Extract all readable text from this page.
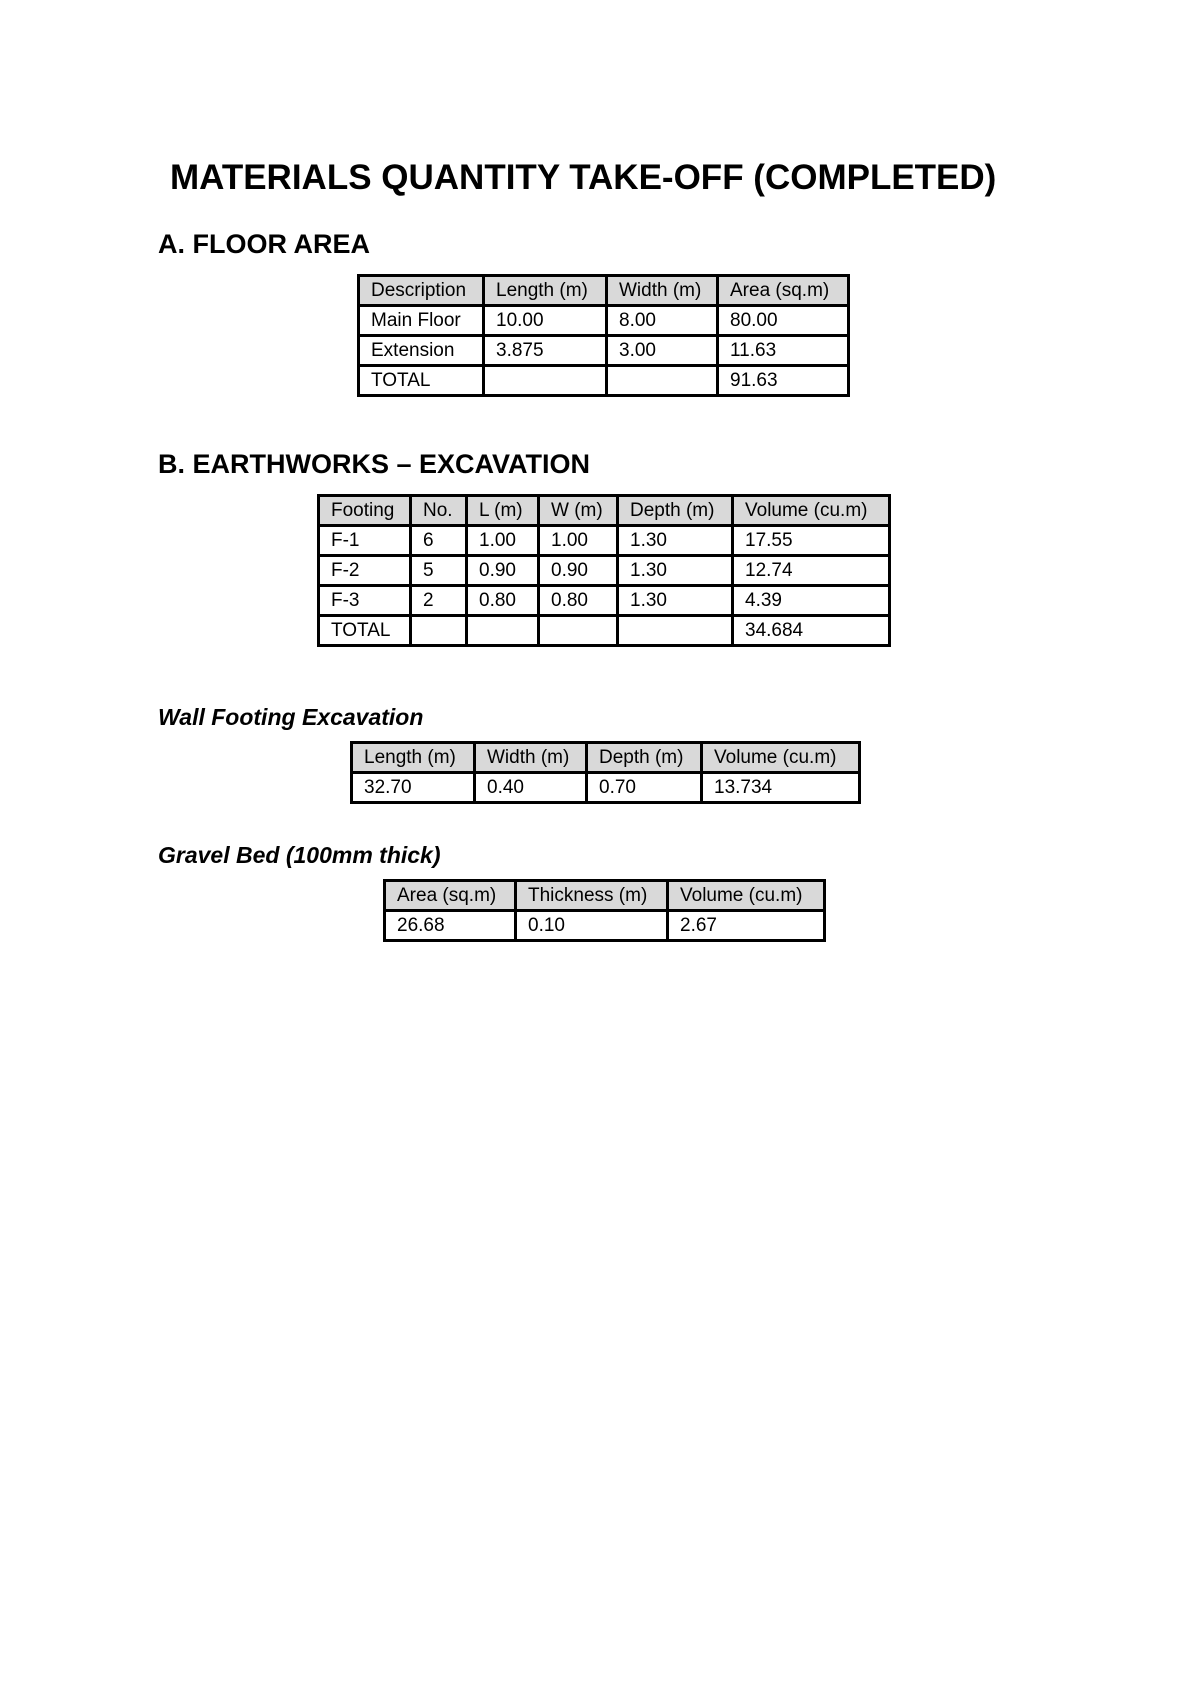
MATERIALS QUANTITY TAKE-OFF (COMPLETED)
A. FLOOR AREA
Description	Length (m)	Width (m)	Area (sq.m)
Main Floor	10.00	8.00	80.00
Extension	3.875	3.00	11.63
TOTAL			91.63
B. EARTHWORKS – EXCAVATION
Footing	No.	L (m)	W (m)	Depth (m)	Volume (cu.m)
F-1	6	1.00	1.00	1.30	17.55
F-2	5	0.90	0.90	1.30	12.74
F-3	2	0.80	0.80	1.30	4.39
TOTAL					34.684
Wall Footing Excavation
Length (m)	Width (m)	Depth (m)	Volume (cu.m)
32.70	0.40	0.70	13.734
Gravel Bed (100mm thick)
Area (sq.m)	Thickness (m)	Volume (cu.m)
26.68	0.10	2.67
